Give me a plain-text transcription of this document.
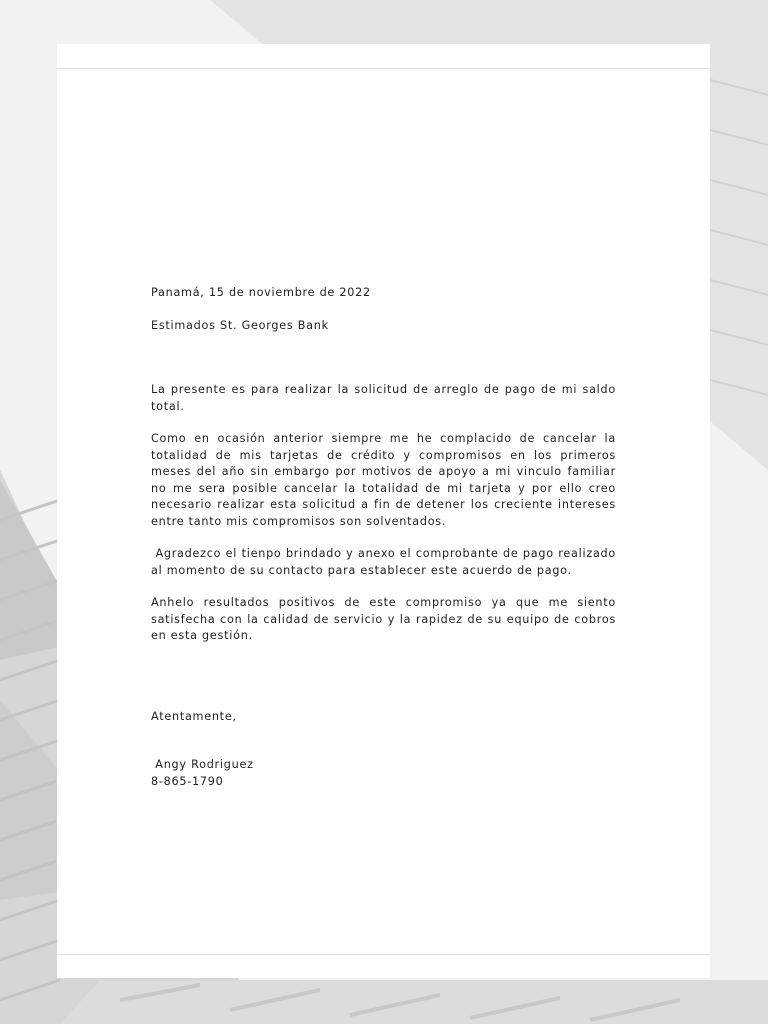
Panamá, 15 de noviembre de 2022

Estimados St. Georges Bank

La presente es para realizar la solicitud de arreglo de pago de mi saldo total.

Como en ocasión anterior siempre me he complacido de cancelar la totalidad de mis tarjetas de crédito y compromisos en los primeros meses del año sin embargo por motivos de apoyo a mi vinculo familiar no me sera posible cancelar la totalidad de mi tarjeta y por ello creo necesario realizar esta solicitud a fin de detener los creciente intereses entre tanto mis compromisos son solventados.

Agradezco el tienpo brindado y anexo el comprobante de pago realizado al momento de su contacto para establecer este acuerdo de pago.

Anhelo resultados positivos de este compromiso ya que me siento satisfecha con la calidad de servicio y la rapidez de su equipo de cobros en esta gestión.

Atentamente,

Angy Rodriguez

8-865-1790
